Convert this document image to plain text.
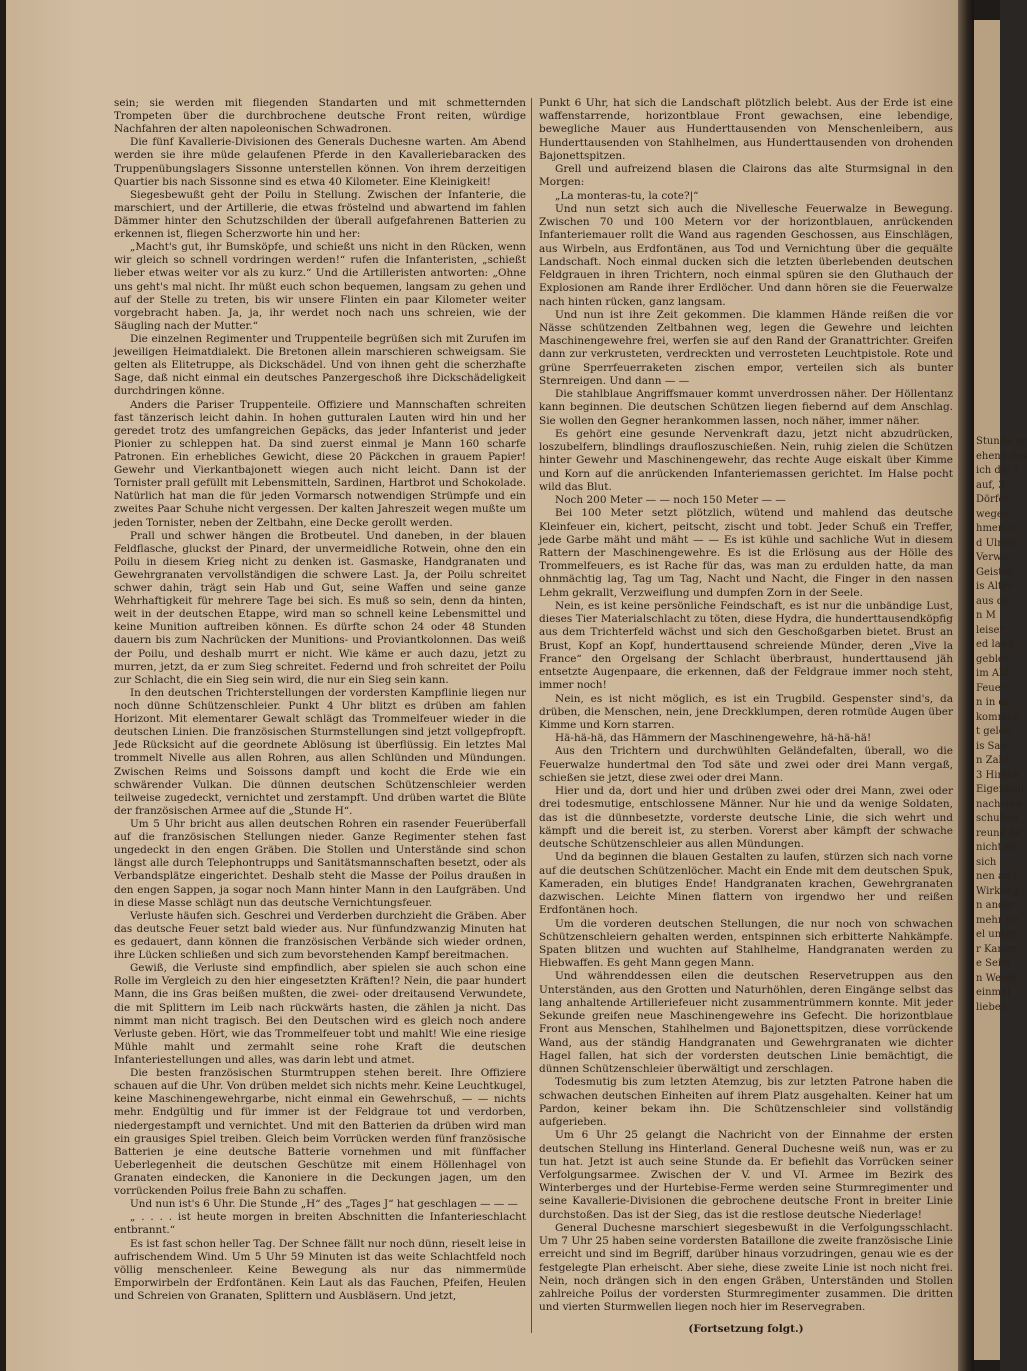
sein; sie werden mit fliegenden Standarten und mit schmetternden Trompeten über die durchbrochene deutsche Front reiten, würdige Nachfahren der alten napoleonischen Schwadronen.

Die fünf Kavallerie-Divisionen des Generals Duchesne warten. Am Abend werden sie ihre müde gelaufenen Pferde in den Kavalleriebaracken des Truppenübungslagers Sissonne unterstellen können. Von ihrem derzeitigen Quartier bis nach Sissonne sind es etwa 40 Kilometer. Eine Kleinigkeit!

Siegesbewußt geht der Poilu in Stellung. Zwischen der Infanterie, die marschiert, und der Artillerie, die etwas fröstelnd und abwartend im fahlen Dämmer hinter den Schutzschilden der überall aufgefahrenen Batterien zu erkennen ist, fliegen Scherzworte hin und her:

„Macht's gut, ihr Bumsköpfe, und schießt uns nicht in den Rücken, wenn wir gleich so schnell vordringen werden!“ rufen die Infanteristen, „schießt lieber etwas weiter vor als zu kurz.“ Und die Artilleristen antworten: „Ohne uns geht's mal nicht. Ihr müßt euch schon bequemen, langsam zu gehen und auf der Stelle zu treten, bis wir unsere Flinten ein paar Kilometer weiter vorgebracht haben. Ja, ja, ihr werdet noch nach uns schreien, wie der Säugling nach der Mutter.“

Die einzelnen Regimenter und Truppenteile begrüßen sich mit Zurufen im jeweiligen Heimatdialekt. Die Bretonen allein marschieren schweigsam. Sie gelten als Elitetruppe, als Dickschädel. Und von ihnen geht die scherzhafte Sage, daß nicht einmal ein deutsches Panzergeschoß ihre Dickschädeligkeit durchdringen könne.

Anders die Pariser Truppenteile. Offiziere und Mannschaften schreiten fast tänzerisch leicht dahin. In hohen gutturalen Lauten wird hin und her geredet trotz des umfangreichen Gepäcks, das jeder Infanterist und jeder Pionier zu schleppen hat. Da sind zuerst einmal je Mann 160 scharfe Patronen. Ein erhebliches Gewicht, diese 20 Päckchen in grauem Papier! Gewehr und Vierkantbajonett wiegen auch nicht leicht. Dann ist der Tornister prall gefüllt mit Lebensmitteln, Sardinen, Hartbrot und Schokolade. Natürlich hat man die für jeden Vormarsch notwendigen Strümpfe und ein zweites Paar Schuhe nicht vergessen. Der kalten Jahreszeit wegen mußte um jeden Tornister, neben der Zeltbahn, eine Decke gerollt werden.

Prall und schwer hängen die Brotbeutel. Und daneben, in der blauen Feldflasche, gluckst der Pinard, der unvermeidliche Rotwein, ohne den ein Poilu in diesem Krieg nicht zu denken ist. Gasmaske, Handgranaten und Gewehrgranaten vervollständigen die schwere Last. Ja, der Poilu schreitet schwer dahin, trägt sein Hab und Gut, seine Waffen und seine ganze Wehrhaftigkeit für mehrere Tage bei sich. Es muß so sein, denn da hinten, weit in der deutschen Etappe, wird man so schnell keine Lebensmittel und keine Munition auftreiben können. Es dürfte schon 24 oder 48 Stunden dauern bis zum Nachrücken der Munitions- und Proviantkolonnen. Das weiß der Poilu, und deshalb murrt er nicht. Wie käme er auch dazu, jetzt zu murren, jetzt, da er zum Sieg schreitet. Federnd und froh schreitet der Poilu zur Schlacht, die ein Sieg sein wird, die nur ein Sieg sein kann.

In den deutschen Trichterstellungen der vordersten Kampflinie liegen nur noch dünne Schützenschleier. Punkt 4 Uhr blitzt es drüben am fahlen Horizont. Mit elementarer Gewalt schlägt das Trommelfeuer wieder in die deutschen Linien. Die französischen Sturmstellungen sind jetzt vollgepfropft. Jede Rücksicht auf die geordnete Ablösung ist überflüssig. Ein letztes Mal trommelt Nivelle aus allen Rohren, aus allen Schlünden und Mündungen. Zwischen Reims und Soissons dampft und kocht die Erde wie ein schwärender Vulkan. Die dünnen deutschen Schützenschleier werden teilweise zugedeckt, vernichtet und zerstampft. Und drüben wartet die Blüte der französischen Armee auf die „Stunde H“.

Um 5 Uhr bricht aus allen deutschen Rohren ein rasender Feuerüberfall auf die französischen Stellungen nieder. Ganze Regimenter stehen fast ungedeckt in den engen Gräben. Die Stollen und Unterstände sind schon längst alle durch Telephontrupps und Sanitätsmannschaften besetzt, oder als Verbandsplätze eingerichtet. Deshalb steht die Masse der Poilus draußen in den engen Sappen, ja sogar noch Mann hinter Mann in den Laufgräben. Und in diese Masse schlägt nun das deutsche Vernichtungsfeuer.

Verluste häufen sich. Geschrei und Verderben durchzieht die Gräben. Aber das deutsche Feuer setzt bald wieder aus. Nur fünfundzwanzig Minuten hat es gedauert, dann können die französischen Verbände sich wieder ordnen, ihre Lücken schließen und sich zum bevorstehenden Kampf bereitmachen.

Gewiß, die Verluste sind empfindlich, aber spielen sie auch schon eine Rolle im Vergleich zu den hier eingesetzten Kräften!? Nein, die paar hundert Mann, die ins Gras beißen mußten, die zwei- oder dreitausend Verwundete, die mit Splittern im Leib nach rückwärts hasten, die zählen ja nicht. Das nimmt man nicht tragisch. Bei den Deutschen wird es gleich noch andere Verluste geben. Hört, wie das Trommelfeuer tobt und mahlt! Wie eine riesige Mühle mahlt und zermahlt seine rohe Kraft die deutschen Infanteriestellungen und alles, was darin lebt und atmet.

Die besten französischen Sturmtruppen stehen bereit. Ihre Offiziere schauen auf die Uhr. Von drüben meldet sich nichts mehr. Keine Leuchtkugel, keine Maschinengewehrgarbe, nicht einmal ein Gewehrschuß, — — nichts mehr. Endgültig und für immer ist der Feldgraue tot und verdorben, niedergestampft und vernichtet. Und mit den Batterien da drüben wird man ein grausiges Spiel treiben. Gleich beim Vorrücken werden fünf französische Batterien je eine deutsche Batterie vornehmen und mit fünffacher Ueberlegenheit die deutschen Geschütze mit einem Höllenhagel von Granaten eindecken, die Kanoniere in die Deckungen jagen, um den vorrückenden Poilus freie Bahn zu schaffen.

Und nun ist's 6 Uhr. Die Stunde „H“ des „Tages J“ hat geschlagen — — —

„ . . . . ist heute morgen in breiten Abschnitten die Infanterieschlacht entbrannt.“

Es ist fast schon heller Tag. Der Schnee fällt nur noch dünn, rieselt leise in aufrischendem Wind. Um 5 Uhr 59 Minuten ist das weite Schlachtfeld noch völlig menschenleer. Keine Bewegung als nur das nimmermüde Emporwirbeln der Erdfontänen. Kein Laut als das Fauchen, Pfeifen, Heulen und Schreien von Granaten, Splittern und Ausbläsern. Und jetzt,

Punkt 6 Uhr, hat sich die Landschaft plötzlich belebt. Aus der Erde ist eine waffenstarrende, horizontblaue Front gewachsen, eine lebendige, bewegliche Mauer aus Hunderttausenden von Menschenleibern, aus Hunderttausenden von Stahlhelmen, aus Hunderttausenden von drohenden Bajonettspitzen.

Grell und aufreizend blasen die Clairons das alte Sturmsignal in den Morgen:

„La monteras-tu, la cote?|“

Und nun setzt sich auch die Nivellesche Feuerwalze in Bewegung. Zwischen 70 und 100 Metern vor der horizontblauen, anrückenden Infanteriemauer rollt die Wand aus ragenden Geschossen, aus Einschlägen, aus Wirbeln, aus Erdfontänen, aus Tod und Vernichtung über die gequälte Landschaft. Noch einmal ducken sich die letzten überlebenden deutschen Feldgrauen in ihren Trichtern, noch einmal spüren sie den Gluthauch der Explosionen am Rande ihrer Erdlöcher. Und dann hören sie die Feuerwalze nach hinten rücken, ganz langsam.

Und nun ist ihre Zeit gekommen. Die klammen Hände reißen die vor Nässe schützenden Zeltbahnen weg, legen die Gewehre und leichten Maschinengewehre frei, werfen sie auf den Rand der Granattrichter. Greifen dann zur verkrusteten, verdreckten und verrosteten Leuchtpistole. Rote und grüne Sperrfeuerraketen zischen empor, verteilen sich als bunter Sternreigen. Und dann — —

Die stahlblaue Angriffsmauer kommt unverdrossen näher. Der Höllentanz kann beginnen. Die deutschen Schützen liegen fiebernd auf dem Anschlag. Sie wollen den Gegner herankommen lassen, noch näher, immer näher.

Es gehört eine gesunde Nervenkraft dazu, jetzt nicht abzudrücken, loszubelfern, blindlings draufloszuschießen. Nein, ruhig zielen die Schützen hinter Gewehr und Maschinengewehr, das rechte Auge eiskalt über Kimme und Korn auf die anrückenden Infanteriemassen gerichtet. Im Halse pocht wild das Blut.

Noch 200 Meter — — noch 150 Meter — —

Bei 100 Meter setzt plötzlich, wütend und mahlend das deutsche Kleinfeuer ein, kichert, peitscht, zischt und tobt. Jeder Schuß ein Treffer, jede Garbe mäht und mäht — — Es ist kühle und sachliche Wut in diesem Rattern der Maschinengewehre. Es ist die Erlösung aus der Hölle des Trommelfeuers, es ist Rache für das, was man zu erdulden hatte, da man ohnmächtig lag, Tag um Tag, Nacht und Nacht, die Finger in den nassen Lehm gekrallt, Verzweiflung und dumpfen Zorn in der Seele.

Nein, es ist keine persönliche Feindschaft, es ist nur die unbändige Lust, dieses Tier Materialschlacht zu töten, diese Hydra, die hunderttausendköpfig aus dem Trichterfeld wächst und sich den Geschoßgarben bietet. Brust an Brust, Kopf an Kopf, hunderttausend schreiende Münder, deren „Vive la France“ den Orgelsang der Schlacht überbraust, hunderttausend jäh entsetzte Augenpaare, die erkennen, daß der Feldgraue immer noch steht, immer noch!

Nein, es ist nicht möglich, es ist ein Trugbild. Gespenster sind's, da drüben, die Menschen, nein, jene Dreckklumpen, deren rotmüde Augen über Kimme und Korn starren.

Hä-hä-hä, das Hämmern der Maschinengewehre, hä-hä-hä!

Aus den Trichtern und durchwühlten Geländefalten, überall, wo die Feuerwalze hundertmal den Tod säte und zwei oder drei Mann vergaß, schießen sie jetzt, diese zwei oder drei Mann.

Hier und da, dort und hier und drüben zwei oder drei Mann, zwei oder drei todesmutige, entschlossene Männer. Nur hie und da wenige Soldaten, das ist die dünnbesetzte, vorderste deutsche Linie, die sich wehrt und kämpft und die bereit ist, zu sterben. Vorerst aber kämpft der schwache deutsche Schützenschleier aus allen Mündungen.

Und da beginnen die blauen Gestalten zu laufen, stürzen sich nach vorne auf die deutschen Schützenlöcher. Macht ein Ende mit dem deutschen Spuk, Kameraden, ein blutiges Ende! Handgranaten krachen, Gewehrgranaten dazwischen. Leichte Minen flattern von irgendwo her und reißen Erdfontänen hoch.

Um die vorderen deutschen Stellungen, die nur noch von schwachen Schützenschleiern gehalten werden, entspinnen sich erbitterte Nahkämpfe. Spaten blitzen und wuchten auf Stahlhelme, Handgranaten werden zu Hiebwaffen. Es geht Mann gegen Mann.

Und währenddessen eilen die deutschen Reservetruppen aus den Unterständen, aus den Grotten und Naturhöhlen, deren Eingänge selbst das lang anhaltende Artilleriefeuer nicht zusammentrümmern konnte. Mit jeder Sekunde greifen neue Maschinengewehre ins Gefecht. Die horizontblaue Front aus Menschen, Stahlhelmen und Bajonettspitzen, diese vorrückende Wand, aus der ständig Handgranaten und Gewehrgranaten wie dichter Hagel fallen, hat sich der vordersten deutschen Linie bemächtigt, die dünnen Schützenschleier überwältigt und zerschlagen.

Todesmutig bis zum letzten Atemzug, bis zur letzten Patrone haben die schwachen deutschen Einheiten auf ihrem Platz ausgehalten. Keiner hat um Pardon, keiner bekam ihn. Die Schützenschleier sind vollständig aufgerieben.

Um 6 Uhr 25 gelangt die Nachricht von der Einnahme der ersten deutschen Stellung ins Hinterland. General Duchesne weiß nun, was er zu tun hat. Jetzt ist auch seine Stunde da. Er befiehlt das Vorrücken seiner Verfolgungsarmee. Zwischen der V. und VI. Armee im Bezirk des Winterberges und der Hurtebise-Ferme werden seine Sturmregimenter und seine Kavallerie-Divisionen die gebrochene deutsche Front in breiter Linie durchstoßen. Das ist der Sieg, das ist die restlose deutsche Niederlage!

General Duchesne marschiert siegesbewußt in die Verfolgungsschlacht. Um 7 Uhr 25 haben seine vordersten Bataillone die zweite französische Linie erreicht und sind im Begriff, darüber hinaus vorzudringen, genau wie es der festgelegte Plan erheischt. Aber siehe, diese zweite Linie ist noch nicht frei. Nein, noch drängen sich in den engen Gräben, Unterständen und Stollen zahlreiche Poilus der vordersten Sturmregimenter zusammen. Die dritten und vierten Sturmwellen liegen noch hier im Reservegraben.

(Fortsetzung folgt.)

Stunde ur
ehene des
ich die ?
auf, 3
Dörfer
wegen
hmen u
d Ulrich
Verwu
Geister
is Altru
aus de
n M
leiser
ed lang
geblei
im Abl
Feuer
n in di
kommen
t geleb
is Sau
n Zahr
3 Hirsch
Eigenheit
nachsten
schuhen
reund de
nicht ar
sich
nen an i
Wirkung
n ander
mehr be
el unter
r Kamer
e Seite
n Wenig
einmal
lieben
